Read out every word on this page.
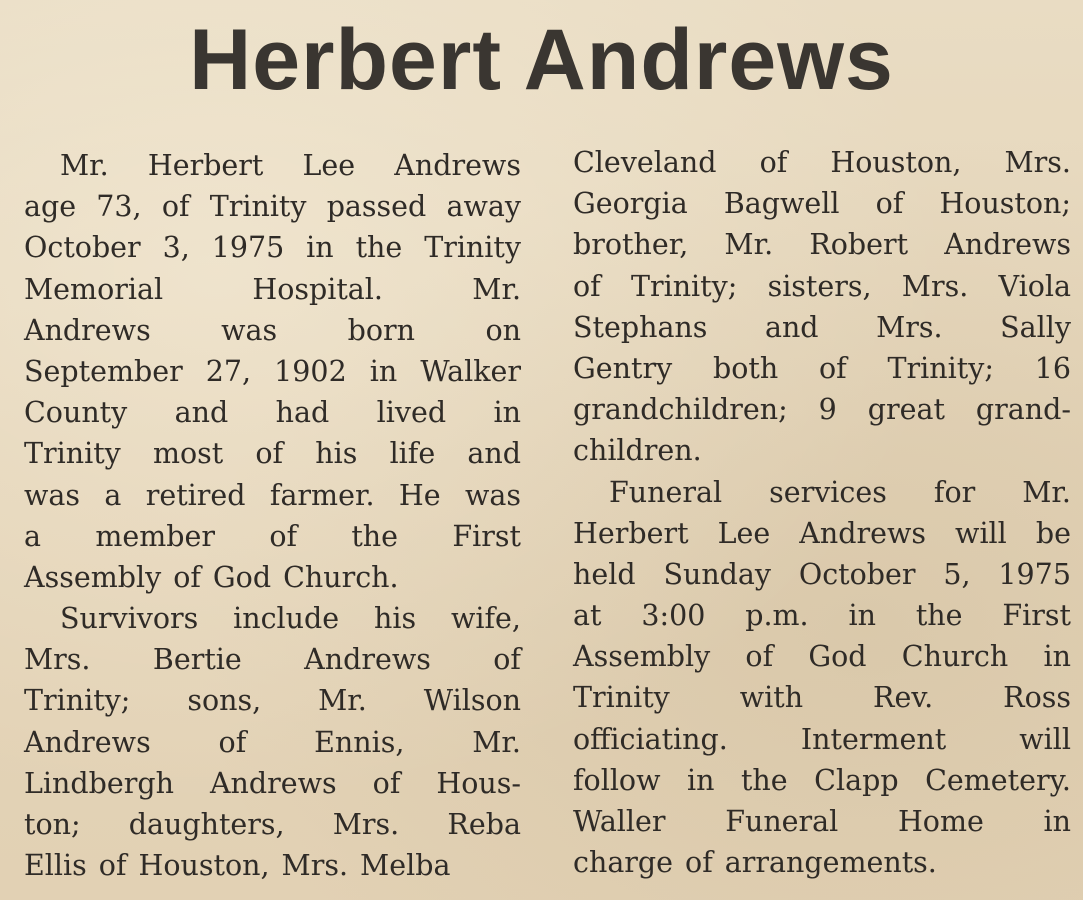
Herbert Andrews
Mr. Herbert Lee Andrews
age 73, of Trinity passed away
October 3, 1975 in the Trinity
Memorial	Hospital.	Mr.
Andrews was born on
September 27, 1902 in Walker
County and had lived in
Trinity most of his life and
was a retired farmer. He was
a member of the First
Assembly of God Church.
Survivors include his wife,
Mrs. Bertie Andrews of
Trinity; sons, Mr. Wilson
Andrews of Ennis, Mr.
Lindbergh Andrews of Hous-
ton; daughters, Mrs. Reba
Ellis of Houston, Mrs. Melba
Cleveland of Houston, Mrs.
Georgia Bagwell of Houston;
brother, Mr. Robert Andrews
of Trinity; sisters, Mrs. Viola
Stephans and Mrs. Sally
Gentry both of Trinity; 16
grandchildren; 9 great grand-
children.
Funeral services for Mr.
Herbert Lee Andrews will be
held Sunday October 5, 1975
at 3:00 p.m. in the First
Assembly of God Church in
Trinity with Rev. Ross
officiating.	Interment	will
follow in the Clapp Cemetery.
Waller Funeral Home in
charge of arrangements.
